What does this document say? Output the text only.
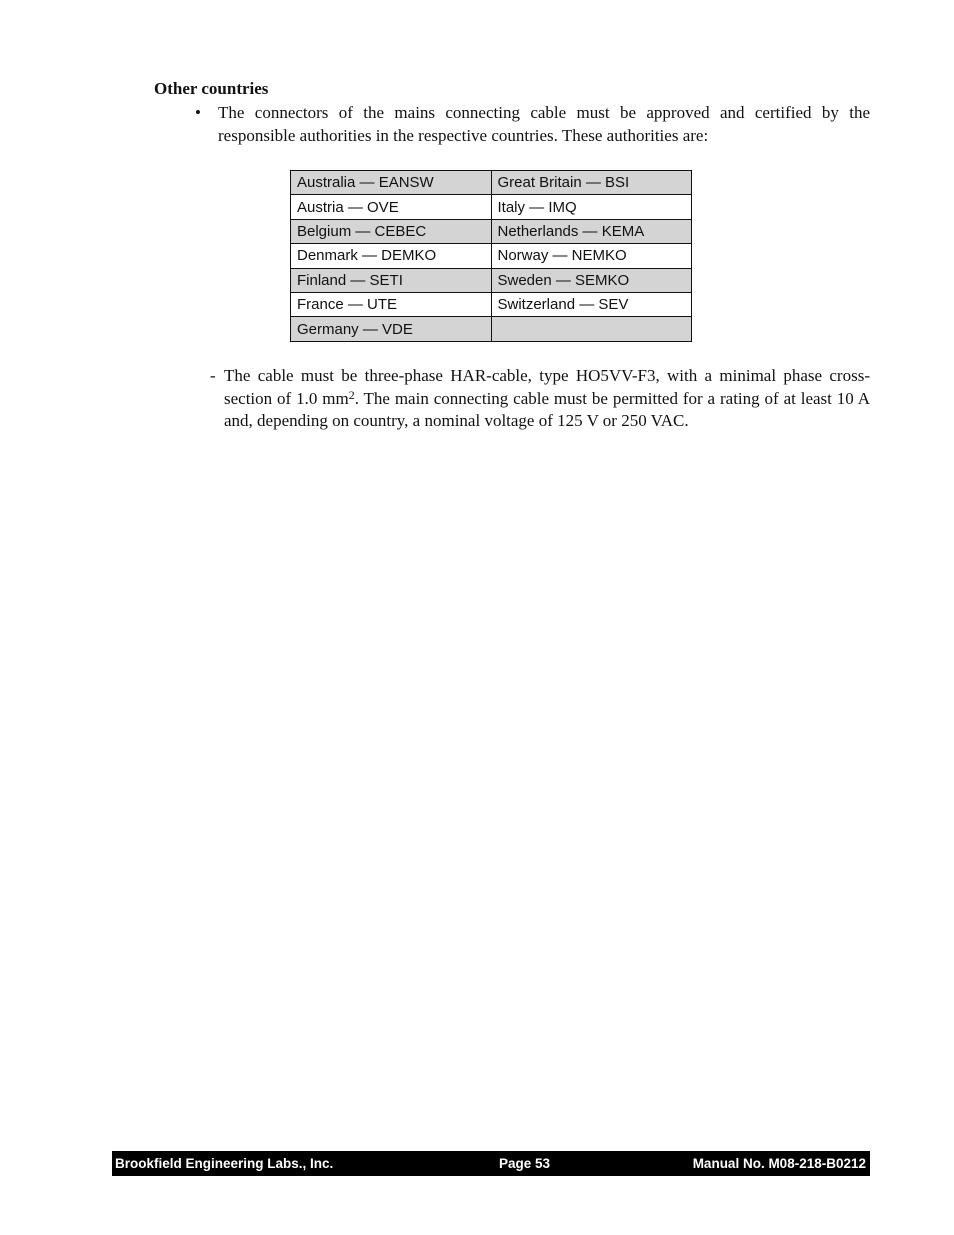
Other countries
• The connectors of the mains connecting cable must be approved and certified by the responsible authorities in the respective countries. These authorities are:
Australia — EANSW	Great Britain — BSI
Austria — OVE	Italy — IMQ
Belgium — CEBEC	Netherlands — KEMA
Denmark — DEMKO	Norway — NEMKO
Finland — SETI	Sweden — SEMKO
France — UTE	Switzerland — SEV
Germany — VDE	
- The cable must be three-phase HAR-cable, type HO5VV-F3, with a minimal phase cross-section of 1.0 $mm^2$. The main connecting cable must be permitted for a rating of at least 10 A and, depending on country, a nominal voltage of 125 V or 250 VAC.
Brookfield Engineering Labs., Inc.	Page 53	Manual No. M08-218-B0212
